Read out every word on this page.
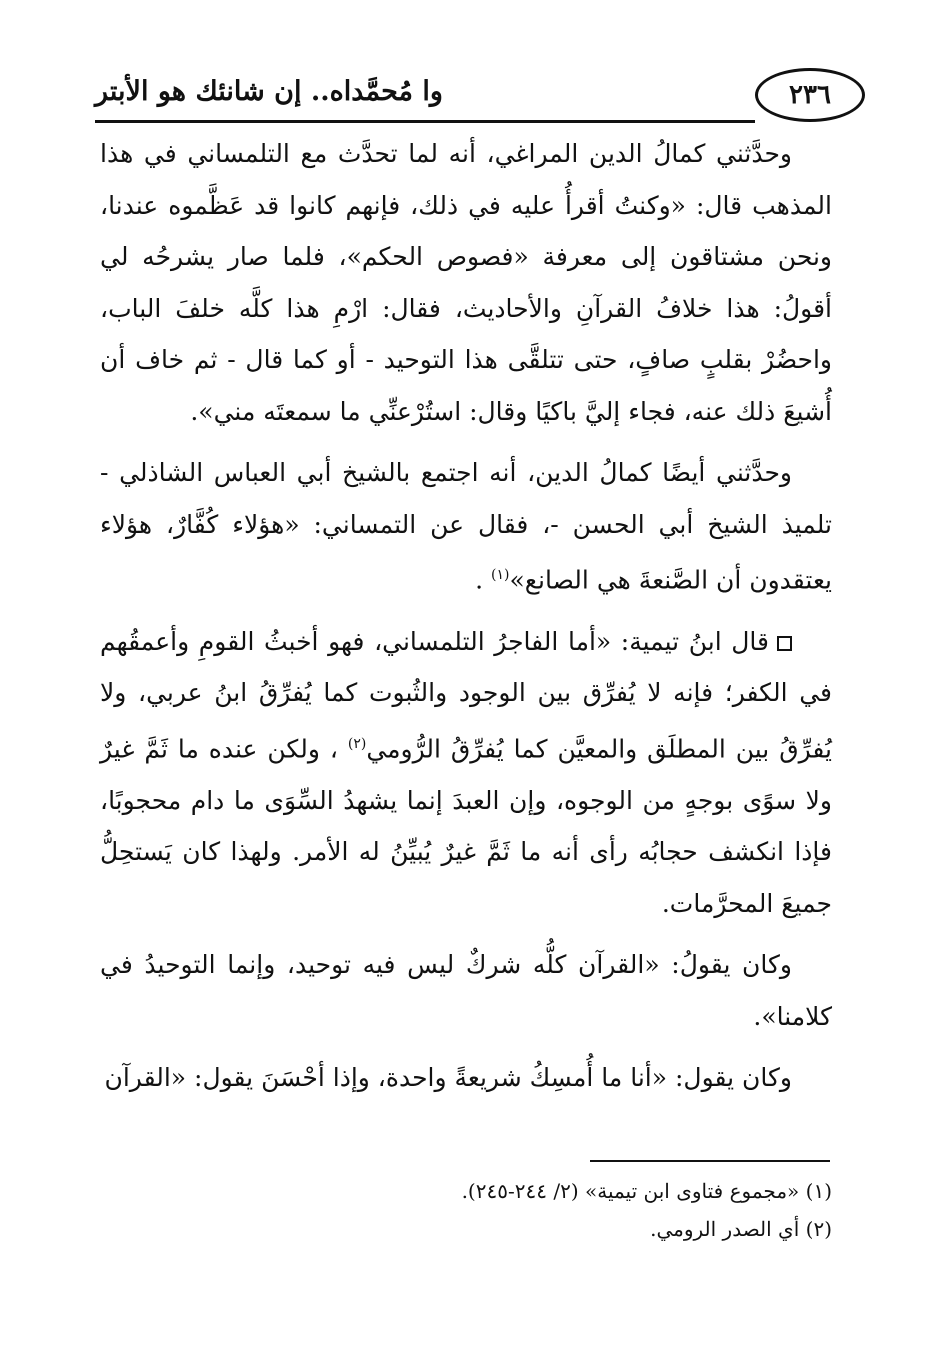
٢٣٦
وا مُحمَّداه.. إن شانئك هو الأبتر

وحدَّثني كمالُ الدين المراغي، أنه لما تحدَّث مع التلمساني في هذا المذهب قال: «وكنتُ أقرأُ عليه في ذلك، فإنهم كانوا قد عَظَّموه عندنا، ونحن مشتاقون إلى معرفة «فصوص الحكم»، فلما صار يشرحُه لي أقولُ: هذا خلافُ القرآنِ والأحاديث، فقال: ارْمِ هذا كلَّه خلفَ الباب، واحضُرْ بقلبٍ صافٍ، حتى تتلقَّى هذا التوحيد - أو كما قال - ثم خاف أن أُشيعَ ذلك عنه، فجاء إليَّ باكيًا وقال: استُرْعنِّي ما سمعتَه مني».

وحدَّثني أيضًا كمالُ الدين، أنه اجتمع بالشيخ أبي العباس الشاذلي - تلميذ الشيخ أبي الحسن -، فقال عن التمساني: «هؤلاء كُفَّارٌ، هؤلاء يعتقدون أن الصَّنعةَ هي الصانع»$^{(١)}$ .

قال ابنُ تيمية: «أما الفاجرُ التلمساني، فهو أخبثُ القومِ وأعمقُهم في الكفر؛ فإنه لا يُفرِّق بين الوجود والثُبوت كما يُفرِّقُ ابنُ عربي، ولا يُفرِّقُ بين المطلَق والمعيَّن كما يُفرِّقُ الرُّومي$^{(٢)}$ ، ولكن عنده ما ثَمَّ غيرٌ ولا سوًى بوجهٍ من الوجوه، وإن العبدَ إنما يشهدُ السِّوَى ما دام محجوبًا، فإذا انكشف حجابُه رأى أنه ما ثَمَّ غيرٌ يُبيِّنُ له الأمر. ولهذا كان يَستحِلُّ جميعَ المحرَّمات.

وكان يقولُ: «القرآن كلُّه شركٌ ليس فيه توحيد، وإنما التوحيدُ في كلامنا».

وكان يقول: «أنا ما أُمسِكُ شريعةً واحدة، وإذا أحْسَنَ يقول: «القرآن

(١) «مجموع فتاوى ابن تيمية» (٢/ ٢٤٤-٢٤٥).

(٢) أي الصدر الرومي.
